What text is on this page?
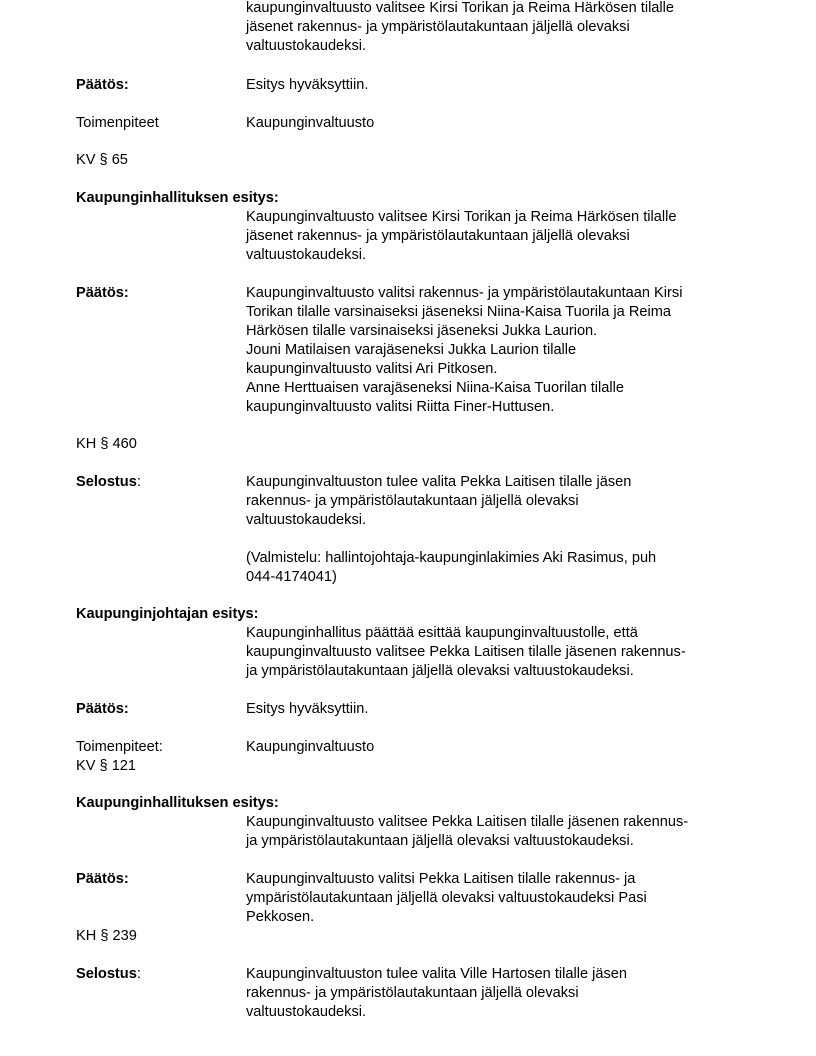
kaupunginvaltuusto valitsee Kirsi Torikan ja Reima Härkösen tilalle
jäsenet rakennus- ja ympäristölautakuntaan jäljellä olevaksi
valtuustokaudeksi.
Päätös:	Esitys hyväksyttiin.
Toimenpiteet	Kaupunginvaltuusto
KV § 65
Kaupunginhallituksen esitys:
Kaupunginvaltuusto valitsee Kirsi Torikan ja Reima Härkösen tilalle
jäsenet rakennus- ja ympäristölautakuntaan jäljellä olevaksi
valtuustokaudeksi.
Päätös:	Kaupunginvaltuusto valitsi rakennus- ja ympäristölautakuntaan Kirsi
Torikan tilalle varsinaiseksi jäseneksi Niina-Kaisa Tuorila ja Reima
Härkösen tilalle varsinaiseksi jäseneksi Jukka Laurion.
Jouni Matilaisen varajäseneksi Jukka Laurion tilalle
kaupunginvaltuusto valitsi Ari Pitkosen.
Anne Herttuaisen varajäseneksi Niina-Kaisa Tuorilan tilalle
kaupunginvaltuusto valitsi Riitta Finer-Huttusen.
KH § 460
Selostus:	Kaupunginvaltuuston tulee valita Pekka Laitisen tilalle jäsen
rakennus- ja ympäristölautakuntaan jäljellä olevaksi
valtuustokaudeksi.
(Valmistelu: hallintojohtaja-kaupunginlakimies Aki Rasimus, puh
044-4174041)
Kaupunginjohtajan esitys:
Kaupunginhallitus päättää esittää kaupunginvaltuustolle, että
kaupunginvaltuusto valitsee Pekka Laitisen tilalle jäsenen rakennus-
ja ympäristölautakuntaan jäljellä olevaksi valtuustokaudeksi.
Päätös:	Esitys hyväksyttiin.
Toimenpiteet:	Kaupunginvaltuusto
KV § 121
Kaupunginhallituksen esitys:
Kaupunginvaltuusto valitsee Pekka Laitisen tilalle jäsenen rakennus-
ja ympäristölautakuntaan jäljellä olevaksi valtuustokaudeksi.
Päätös:	Kaupunginvaltuusto valitsi Pekka Laitisen tilalle rakennus- ja
ympäristölautakuntaan jäljellä olevaksi valtuustokaudeksi Pasi
Pekkosen.
KH § 239
Selostus:	Kaupunginvaltuuston tulee valita Ville Hartosen tilalle jäsen
rakennus- ja ympäristölautakuntaan jäljellä olevaksi
valtuustokaudeksi.
